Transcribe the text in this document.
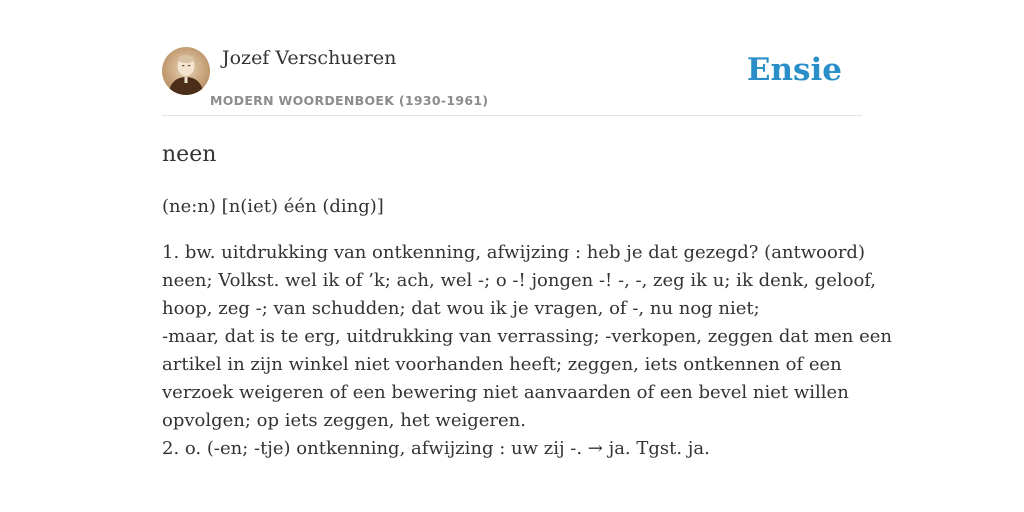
Jozef Verschueren
MODERN WOORDENBOEK (1930-1961)
Ensie
neen
(ne:n) [n(iet) één (ding)]

1. bw. uitdrukking van ontkenning, afwijzing : heb je dat gezegd? (antwoord)

neen; Volkst. wel ik of ’k; ach, wel -; o -! jongen -! -, -, zeg ik u; ik denk, geloof,

hoop, zeg -; van schudden; dat wou ik je vragen, of -, nu nog niet;

-maar, dat is te erg, uitdrukking van verrassing; -verkopen, zeggen dat men een

artikel in zijn winkel niet voorhanden heeft; zeggen, iets ontkennen of een

verzoek weigeren of een bewering niet aanvaarden of een bevel niet willen

opvolgen; op iets zeggen, het weigeren.

2. o. (-en; -tje) ontkenning, afwijzing : uw zij -. → ja. Tgst. ja.
